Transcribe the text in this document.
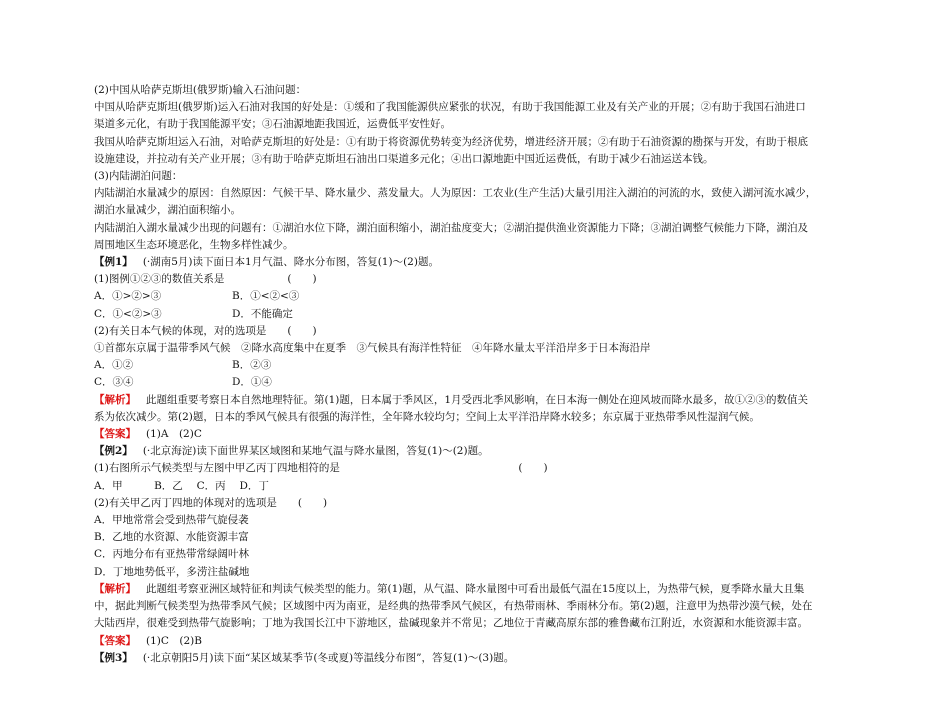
(2)中国从哈萨克斯坦(俄罗斯)输入石油问题：
中国从哈萨克斯坦(俄罗斯)运入石油对我国的好处是：①缓和了我国能源供应紧张的状况，有助于我国能源工业及有关产业的开展；②有助于我国石油进口
渠道多元化，有助于我国能源平安；③石油源地距我国近，运费低平安性好。
我国从哈萨克斯坦运入石油，对哈萨克斯坦的好处是：①有助于将资源优势转变为经济优势，增进经济开展；②有助于石油资源的勘探与开发，有助于根底
设施建设，并拉动有关产业开展；③有助于哈萨克斯坦石油出口渠道多元化；④出口源地距中国近运费低，有助于减少石油运送本钱。
(3)内陆湖泊问题：
内陆湖泊水量减少的原因：自然原因：气候干旱、降水量少、蒸发量大。人为原因：工农业(生产生活)大量引用注入湖泊的河流的水，致使入湖河流水减少，
湖泊水量减少，湖泊面积缩小。
内陆湖泊入湖水量减少出现的问题有：①湖泊水位下降，湖泊面积缩小，湖泊盐度变大；②湖泊提供渔业资源能力下降；③湖泊调整气候能力下降，湖泊及
周围地区生态环境恶化，生物多样性减少。
【例1】 (·湖南5月)读下面日本1月气温、降水分布图，答复(1)～(2)题。
(1)图例①②③的数值关系是　　　　　　(　　)
A．①>②>③	B．①<②<③
C．①<②>③	D．不能确定
(2)有关日本气候的体现，对的选项是　　(　　)
①首都东京属于温带季风气候　②降水高度集中在夏季　③气候具有海洋性特征　④年降水量太平洋沿岸多于日本海沿岸
A．①②	B．②③
C．③④	D．①④
【解析】 此题组重要考察日本自然地理特征。第(1)题，日本属于季风区，1月受西北季风影响，在日本海一侧处在迎风坡而降水最多，故①②③的数值关
系为依次减少。第(2)题，日本的季风气候具有很强的海洋性，全年降水较均匀；空间上太平洋沿岸降水较多；东京属于亚热带季风性湿润气候。
【答案】 (1)A　(2)C
【例2】 (·北京海淀)读下面世界某区域图和某地气温与降水量图，答复(1)～(2)题。
(1)右图所示气候类型与左图中甲乙丙丁四地相符的是　　　　　　　　　　　　　　　　　(　　)
A．甲　　　B．乙　 C．丙　 D．丁
(2)有关甲乙丙丁四地的体现对的选项是　　(　　)
A．甲地常常会受到热带气旋侵袭
B．乙地的水资源、水能资源丰富
C．丙地分布有亚热带常绿阔叶林
D．丁地地势低平，多涝注盐碱地
【解析】 此题组考察亚洲区域特征和判读气候类型的能力。第(1)题，从气温、降水量图中可看出最低气温在15度以上，为热带气候，夏季降水量大且集
中，据此判断气候类型为热带季风气候；区域图中丙为南亚，是经典的热带季风气候区，有热带雨林、季雨林分布。第(2)题，注意甲为热带沙漠气候，处在
大陆西岸，很难受到热带气旋影响；丁地为我国长江中下游地区，盐碱现象并不常见；乙地位于青藏高原东部的雅鲁藏布江附近，水资源和水能资源丰富。
【答案】 (1)C　(2)B
【例3】 (·北京朝阳5月)读下面“某区域某季节(冬或夏)等温线分布图”，答复(1)～(3)题。
